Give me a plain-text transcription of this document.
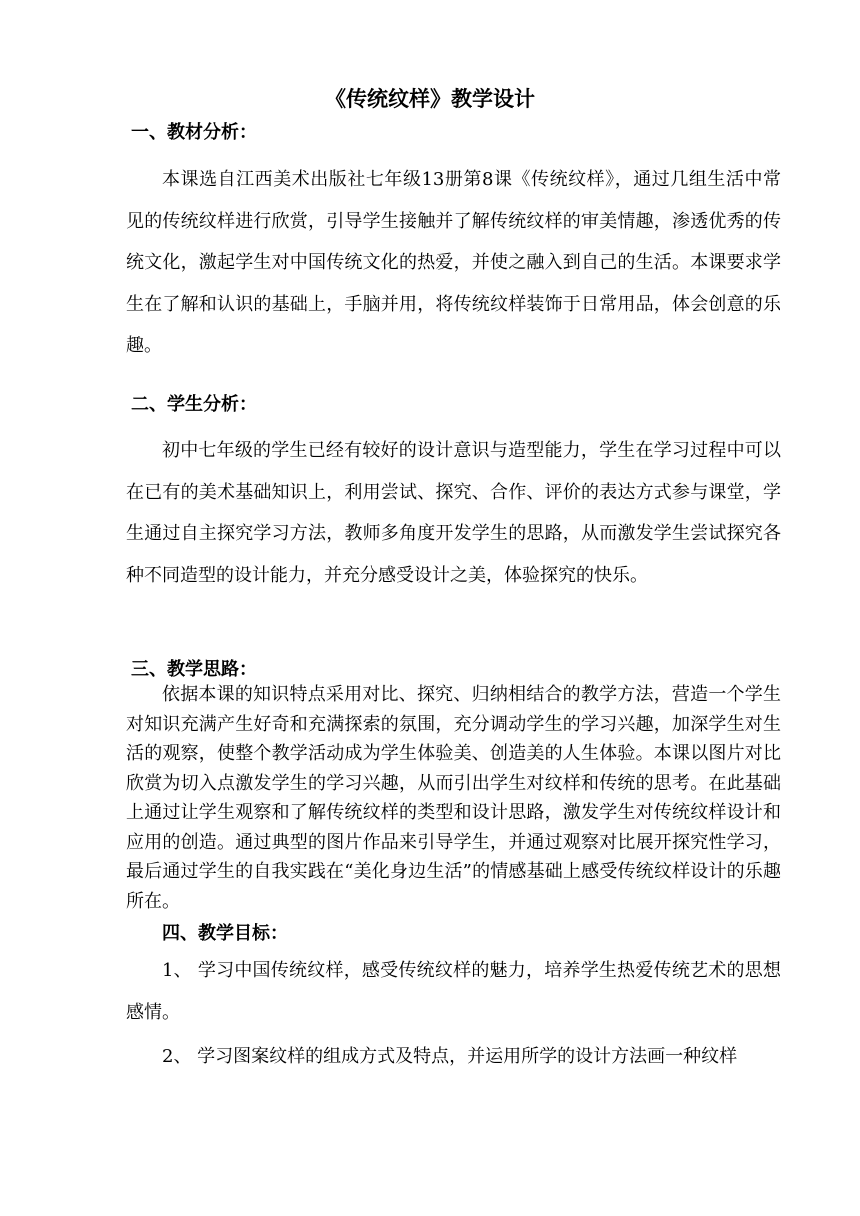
《传统纹样》教学设计
一、教材分析：

本课选自江西美术出版社七年级13册第8课《传统纹样》，通过几组生活中常见的传统纹样进行欣赏，引导学生接触并了解传统纹样的审美情趣，渗透优秀的传统文化，激起学生对中国传统文化的热爱，并使之融入到自己的生活。本课要求学生在了解和认识的基础上，手脑并用，将传统纹样装饰于日常用品，体会创意的乐趣。

二、学生分析：

初中七年级的学生已经有较好的设计意识与造型能力，学生在学习过程中可以在已有的美术基础知识上，利用尝试、探究、合作、评价的表达方式参与课堂，学生通过自主探究学习方法，教师多角度开发学生的思路，从而激发学生尝试探究各种不同造型的设计能力，并充分感受设计之美，体验探究的快乐。

三、教学思路：

依据本课的知识特点采用对比、探究、归纳相结合的教学方法，营造一个学生对知识充满产生好奇和充满探索的氛围，充分调动学生的学习兴趣，加深学生对生活的观察，使整个教学活动成为学生体验美、创造美的人生体验。本课以图片对比欣赏为切入点激发学生的学习兴趣，从而引出学生对纹样和传统的思考。在此基础上通过让学生观察和了解传统纹样的类型和设计思路，激发学生对传统纹样设计和应用的创造。通过典型的图片作品来引导学生，并通过观察对比展开探究性学习，最后通过学生的自我实践在“美化身边生活”的情感基础上感受传统纹样设计的乐趣所在。

四、教学目标：

1、 学习中国传统纹样，感受传统纹样的魅力，培养学生热爱传统艺术的思想感情。

2、 学习图案纹样的组成方式及特点，并运用所学的设计方法画一种纹样
